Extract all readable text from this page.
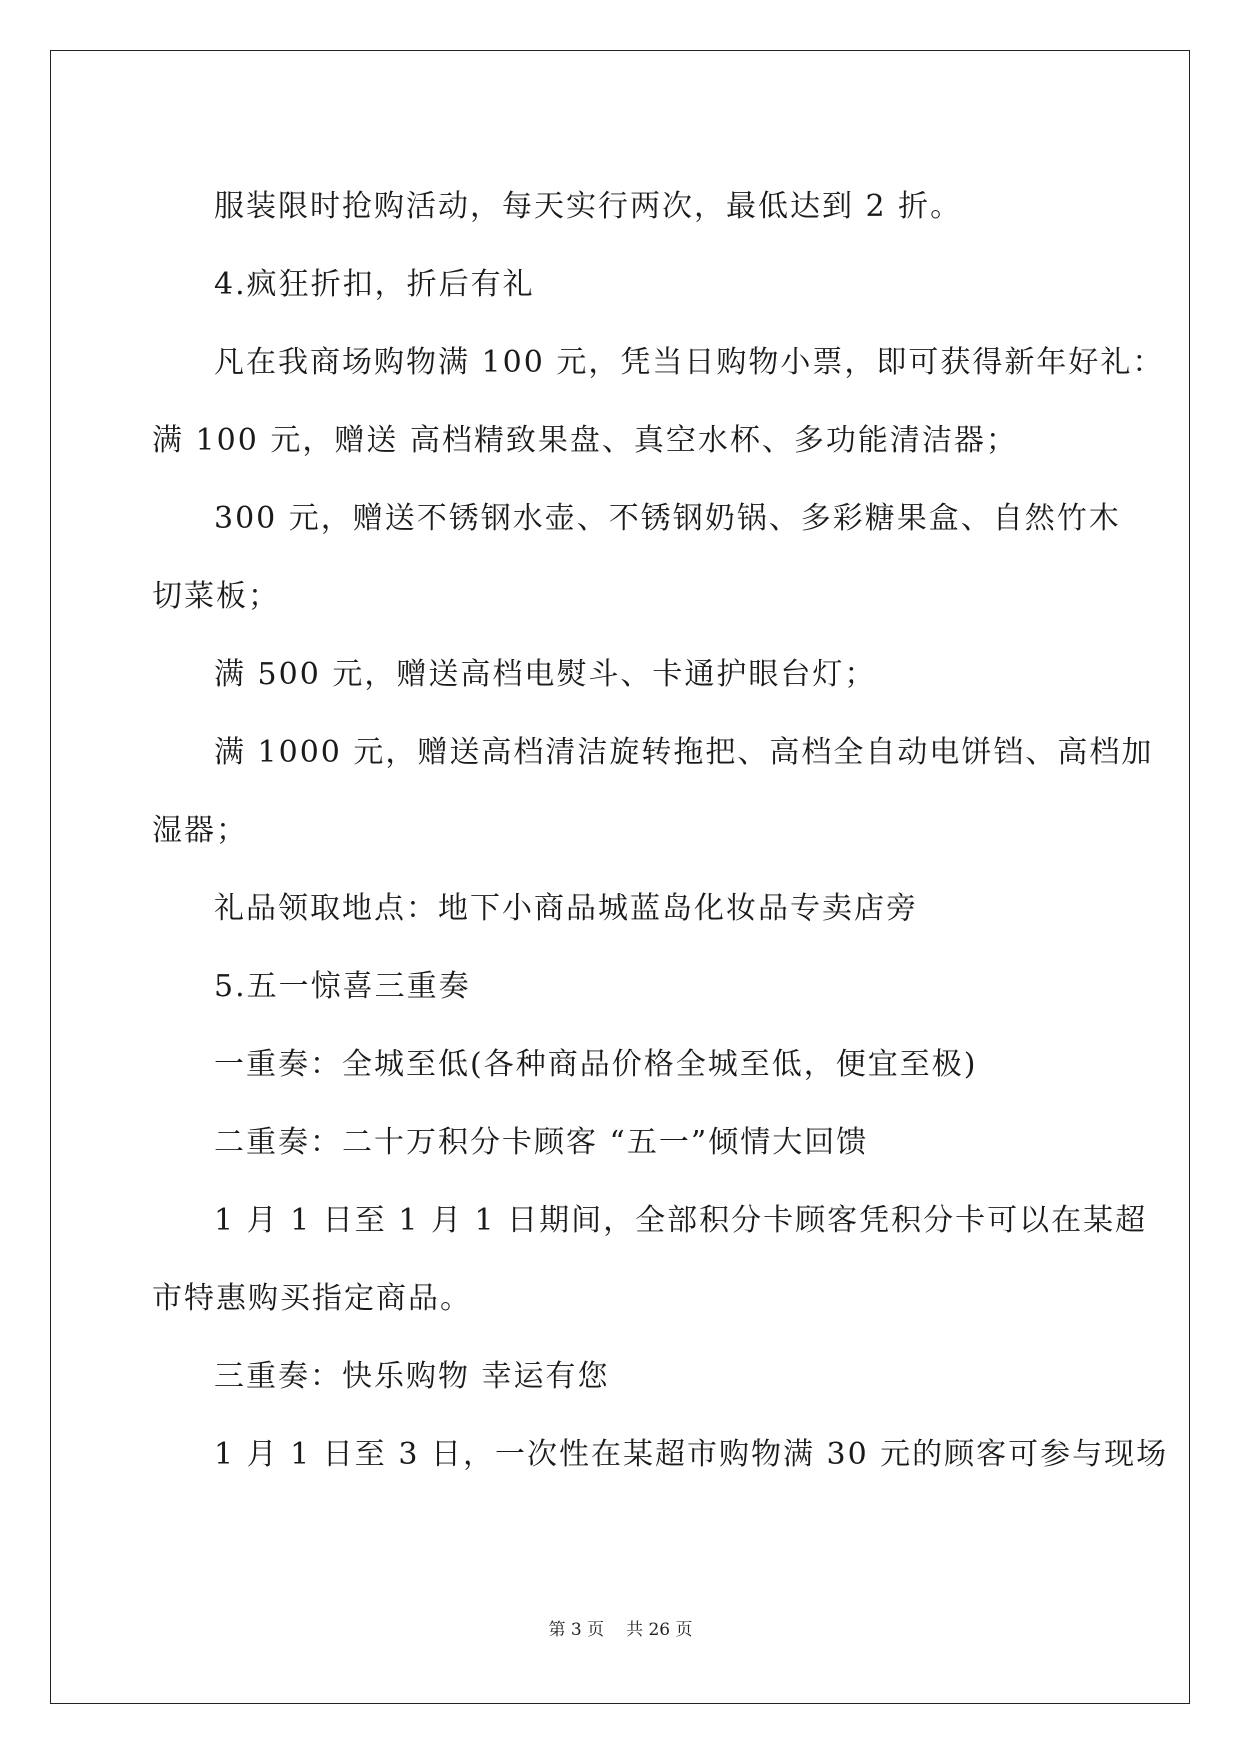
服装限时抢购活动，每天实行两次，最低达到 2 折。
4.疯狂折扣，折后有礼
凡在我商场购物满 100 元，凭当日购物小票，即可获得新年好礼：
满 100 元，赠送 高档精致果盘、真空水杯、多功能清洁器；
300 元，赠送不锈钢水壶、不锈钢奶锅、多彩糖果盒、自然竹木
切菜板；
满 500 元，赠送高档电熨斗、卡通护眼台灯；
满 1000 元，赠送高档清洁旋转拖把、高档全自动电饼铛、高档加
湿器；
礼品领取地点：地下小商品城蓝岛化妆品专卖店旁
5.五一惊喜三重奏
一重奏：全城至低(各种商品价格全城至低，便宜至极)
二重奏：二十万积分卡顾客 “五一”倾情大回馈
1 月 1 日至 1 月 1 日期间，全部积分卡顾客凭积分卡可以在某超
市特惠购买指定商品。
三重奏：快乐购物 幸运有您
1 月 1 日至 3 日，一次性在某超市购物满 30 元的顾客可参与现场
第 3 页 共 26 页
